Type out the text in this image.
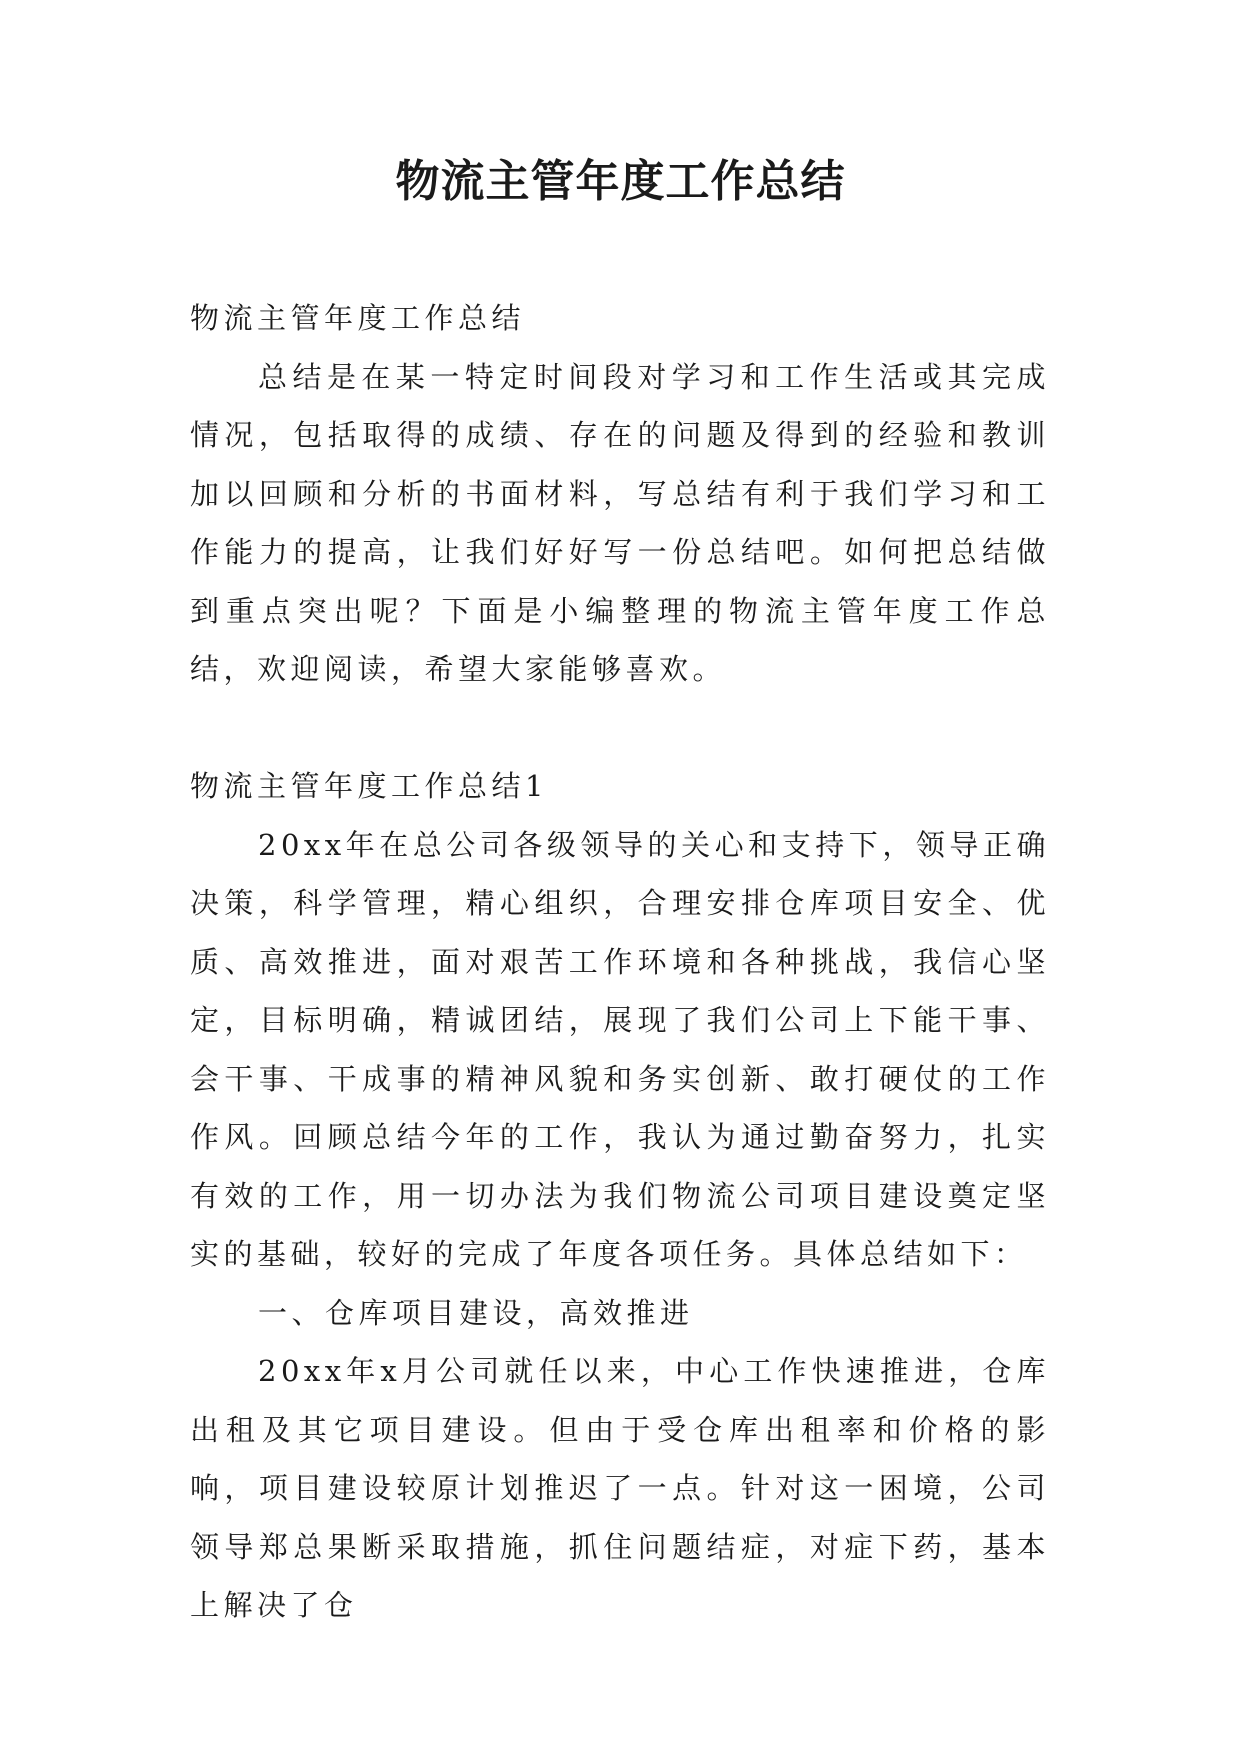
物流主管年度工作总结

物流主管年度工作总结

总结是在某一特定时间段对学习和工作生活或其完成情况，包括取得的成绩、存在的问题及得到的经验和教训加以回顾和分析的书面材料，写总结有利于我们学习和工作能力的提高，让我们好好写一份总结吧。如何把总结做到重点突出呢？下面是小编整理的物流主管年度工作总结，欢迎阅读，希望大家能够喜欢。

物流主管年度工作总结1

20xx年在总公司各级领导的关心和支持下，领导正确决策，科学管理，精心组织，合理安排仓库项目安全、优质、高效推进，面对艰苦工作环境和各种挑战，我信心坚定，目标明确，精诚团结，展现了我们公司上下能干事、会干事、干成事的精神风貌和务实创新、敢打硬仗的工作作风。回顾总结今年的工作，我认为通过勤奋努力，扎实有效的工作，用一切办法为我们物流公司项目建设奠定坚实的基础，较好的完成了年度各项任务。具体总结如下：

一、仓库项目建设，高效推进

20xx年x月公司就任以来，中心工作快速推进，仓库出租及其它项目建设。但由于受仓库出租率和价格的影响，项目建设较原计划推迟了一点。针对这一困境，公司领导郑总果断采取措施，抓住问题结症，对症下药，基本上解决了仓
